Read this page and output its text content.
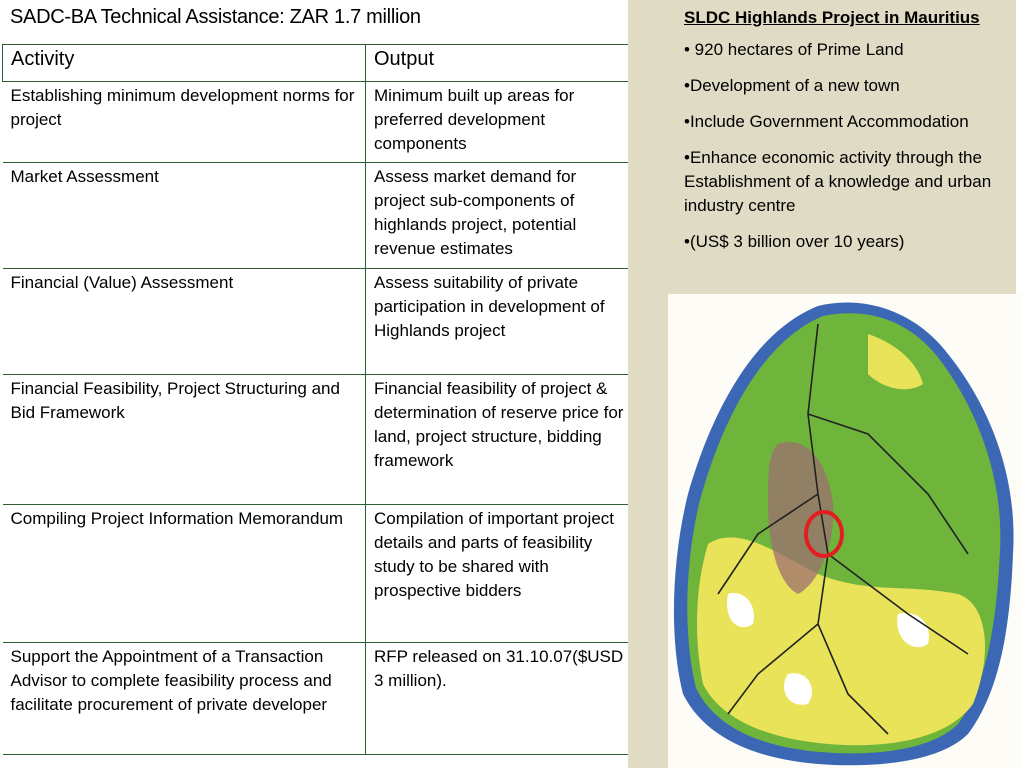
SADC-BA Technical Assistance: ZAR 1.7 million
Activity	Output
Establishing minimum development norms for project	Minimum built up areas for preferred development components
Market Assessment	Assess market demand for project sub-components of highlands project, potential revenue estimates
Financial (Value) Assessment	Assess suitability of private participation in development of Highlands project
Financial Feasibility, Project Structuring and Bid Framework	Financial feasibility of project & determination of reserve price for land, project structure, bidding framework
Compiling Project Information Memorandum	Compilation of important project details and parts of feasibility study to be shared with prospective bidders
Support the Appointment of a Transaction Advisor to complete feasibility process and facilitate procurement of private developer	RFP released on 31.10.07($USD 3 million).
SLDC Highlands Project in Mauritius

• 920 hectares of Prime Land

•Development of a new town

•Include Government Accommodation

•Enhance economic activity through the Establishment of a knowledge and urban industry centre

•(US$ 3 billion over 10 years)
